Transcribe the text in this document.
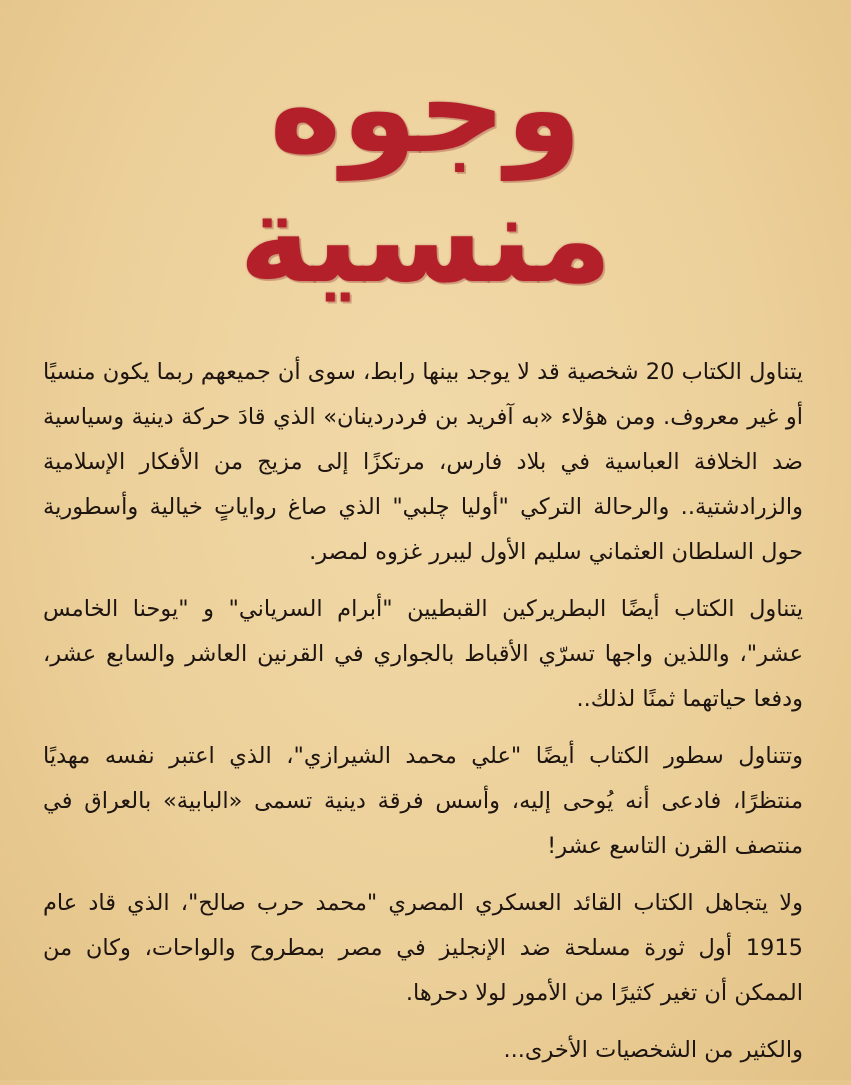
وجوه
منسية

يتناول الكتاب 20 شخصية قد لا يوجد بينها رابط، سوى أن جميعهم ربما يكون منسيًا أو غير معروف. ومن هؤلاء «به آفريد بن فردردينان» الذي قادَ حركة دينية وسياسية ضد الخلافة العباسية في بلاد فارس، مرتكزًا إلى مزيج من الأفكار الإسلامية والزرادشتية.. والرحالة التركي "أوليا چلبي" الذي صاغ رواياتٍ خيالية وأسطورية حول السلطان العثماني سليم الأول ليبرر غزوه لمصر.

يتناول الكتاب أيضًا البطريركين القبطيين "أبرام السرياني" و "يوحنا الخامس عشر"، واللذين واجها تسرّي الأقباط بالجواري في القرنين العاشر والسابع عشر، ودفعا حياتهما ثمنًا لذلك..

وتتناول سطور الكتاب أيضًا "علي محمد الشيرازي"، الذي اعتبر نفسه مهديًا منتظرًا، فادعى أنه يُوحى إليه، وأسس فرقة دينية تسمى «البابية» بالعراق في منتصف القرن التاسع عشر!

ولا يتجاهل الكتاب القائد العسكري المصري "محمد حرب صالح"، الذي قاد عام 1915 أول ثورة مسلحة ضد الإنجليز في مصر بمطروح والواحات، وكان من الممكن أن تغير كثيرًا من الأمور لولا دحرها.

والكثير من الشخصيات الأخرى...
